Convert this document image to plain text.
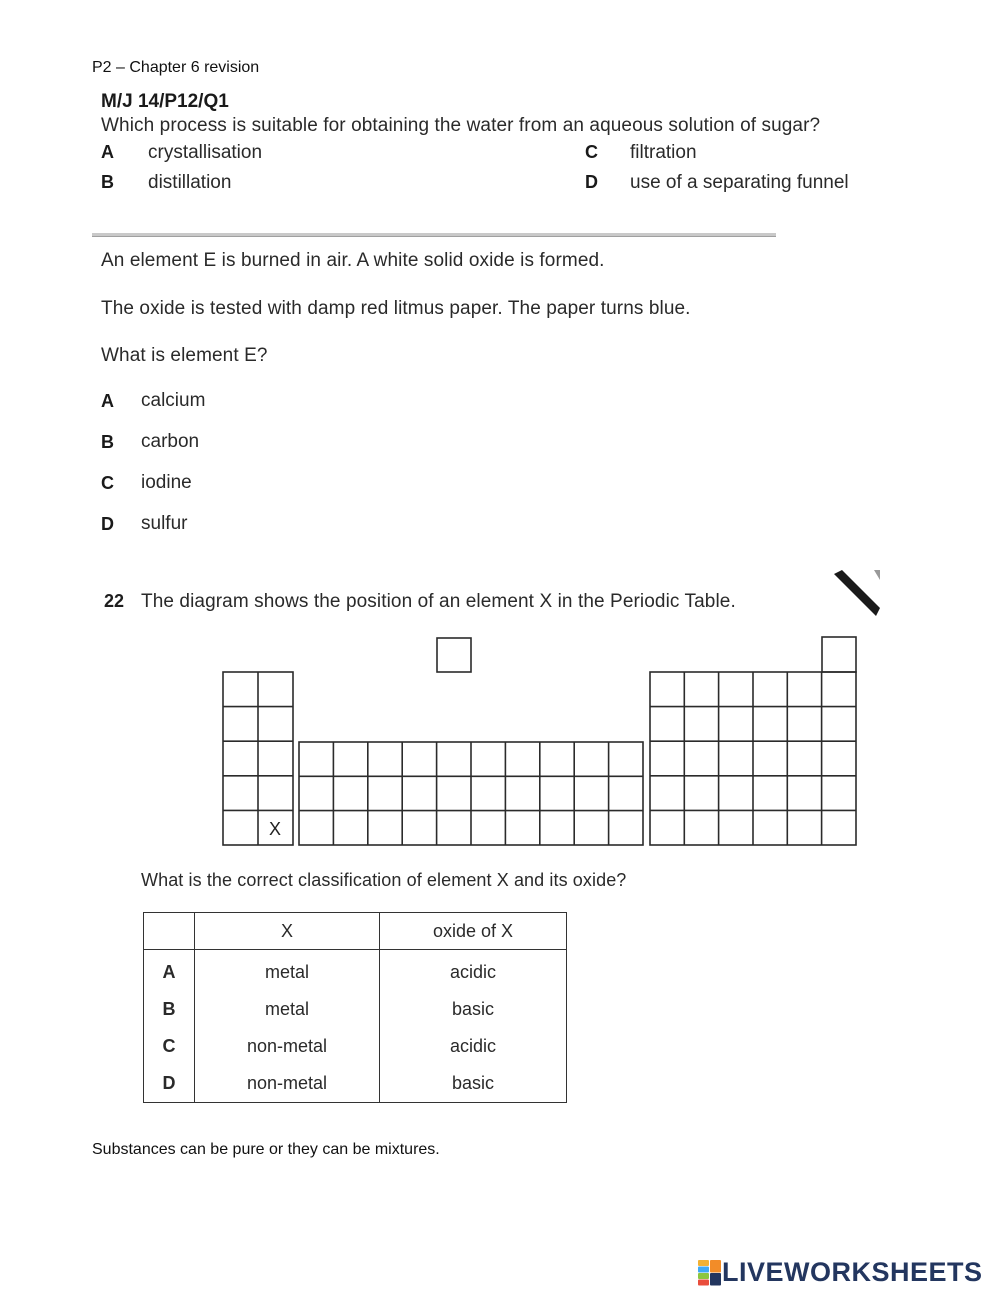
P2 – Chapter 6 revision
M/J 14/P12/Q1
Which process is suitable for obtaining the water from an aqueous solution of sugar?
A crystallisation
B distillation
C filtration
D use of a separating funnel
An element E is burned in air. A white solid oxide is formed.
The oxide is tested with damp red litmus paper. The paper turns blue.
What is element E?
A calcium
B carbon
C iodine
D sulfur
22 The diagram shows the position of an element X in the Periodic Table.
X
What is the correct classification of element X and its oxide?
	X	oxide of X
A	metal	acidic
B	metal	basic
C	non-metal	acidic
D	non-metal	basic
Substances can be pure or they can be mixtures.
LIVEWORKSHEETS
